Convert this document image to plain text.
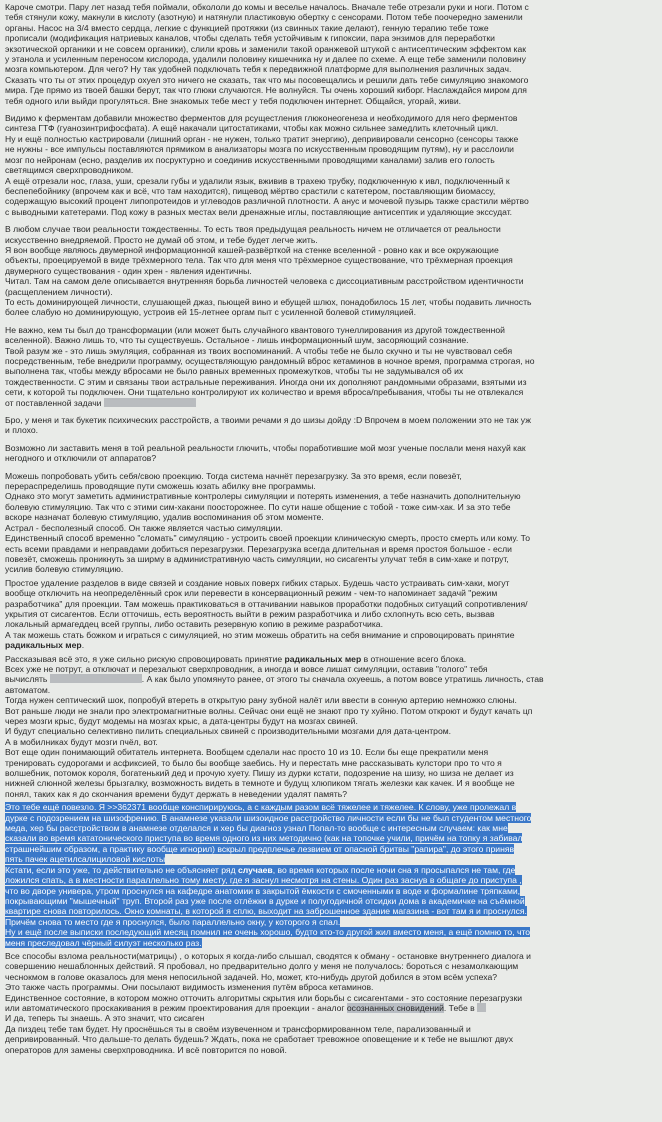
Кароче смотри. Пару лет назад тебя поймали, обкололи до комы и веселье началось. Вначале тебе отрезали руки и ноги. Потом с
тебя стянули кожу, макнули в кислоту (азотную) и натянули пластиковую обертку с сенсорами. Потом тебе поочередно заменили
органы. Насос на 3/4 вместо сердца, легкие с функцией протяжки (из свинных такие делают), генную терапию тебе тоже
прописали (модификация натриевых каналов, чтобы сделать тебя устойчивым к гипоксии, пара энзимов для переработки
экзотической органики и не совсем органики), слили кровь и заменили такой оранжевой штукой с антисептическим эффектом как
у этанола и усиленным переносом кислорода, удалили половину кишечника ну и далее по схеме. А еще тебе заменили половину
мозга компьютером. Для чего? Ну так удобней подключать тебя к передвижной платформе для выполнения различных задач.
Сказать что ты от этих процедур охуел это ничего не сказать, так что мы посовещались и решили дать тебе симуляцию знакомого
мира. Где прямо из твоей башки берут, так что глюки случаются. Не волнуйся. Ты очень хороший киборг. Наслаждайся миром для
тебя одного или выйди прогуляться. Вне знакомых тебе мест у тебя подключен интернет. Общайся, угорай, живи.
Видимо к ферментам добавили множество ферментов для рсущестления глюконеогенеза и необходимого для него ферментов
синтеза ГТФ (гуанозинтрифосфата). А ещё накачали цитостатиками, чтобы как можно сильнее замедлить клеточный цикл.
Ну и ещё полностью кастрировали (лишний орган - не нужен, только тратит энергию), депривировали сенсорно (сенсоры также
не нужны - все импульсы поставляются прямиком в анализаторы мозга по искусственным проводящим путям), ну и расслоили
мозг по нейронам (есно, разделив их посруктурно и соединив искусственными проводящими каналами) залив его голость
светящимся сверхпроводником.
А ещё отрезали нос, глаза, уши, срезали губы и удалили язык, вживив в трахею трубку, подключенную к ивл, подключенный к
беспепебойнику (впрочем как и всё, что там находится), пищевод мёртво срастили с катетером, поставляющим биомассу,
содержащую высокий процент липопротеидов и углеводов различной плотности. А анус и мочевой пузырь также срастили мёртво
с выводными катетерами. Под кожу в разных местах вели дренажные иглы, поставляющие антисептик и удаляющие экссудат.
В любом случае твои реальности тождественны. То есть твоя предыдущая реальность ничем не отличается от реальности
искусственно внедряемой. Просто не думай об этом, и тебе будет легче жить.
Я вон вообще являюсь двумерной информационной кашей-развёрткой на стенке вселенной - ровно как и все окружающие
объекты, проецируемой в виде трёхмерного тела. Так что для меня что трёхмерное существование, что трёхмерная проекция
двумерного существования - один хрен - явления идентичны.
Читал. Там на самом деле описывается внутренняя борьба личностей человека с диссоциативным расстройством идентичности
(расщеплением личности).
То есть доминирующей личности, слушающей джаз, пьющей вино и ебущей шлюх, понадобилось 15 лет, чтобы подавить личность
более слабую но доминирующую, устроив ей 15-летнее оргам пыт с усиленной болевой стимуляцией.
Не важно, кем ты был до трансформации (или может быть случайного квантового тунеллирования из другой тождественной
вселенной). Важно лишь то, что ты существуешь. Остальное - лишь информационный шум, засоряющий сознание.
Твой разум же - это лишь эмуляция, собранная из твоих воспоминаний. А чтобы тебе не было скучно и ты не чувствовал себя
посредственным, тебе внедрили программу, осуществляющую рандомный вброс кетаминов в ночное время, программа строгая, но
выполнена так, чтобы между вбросами не было равных временных промежутков, чтобы ты не задумывался об их
тождественности. С этим и связаны твои астральные переживания. Иногда они их дополняют рандомными образами, взятыми из
сети, к которой ты подключен. Они тщательно контролируют их количество и время вброса/пребывания, чтобы ты не отвлекался
от поставленной задачи
Бро, у меня и так букетик психических расстройств, а твоими речами я до шизы дойду :D Впрочем в моем положении это не так уж
и плохо.
Возможно ли заставить меня в той реальной реальности глючить, чтобы поработившие мой мозг ученые послали меня нахуй как
негодного и отключили от аппаратов?
Можешь попробовать убить себя/свою проекцию. Тогда система начнёт перезагрузку. За это время, если повезёт,
перераспределишь проводящие пути сможешь юзать абилку вне программы.
Однако это могут заметить административные контролеры симуляции и потерять изменения, а тебе назначить дополнительную
болевую стимуляцию. Так что с этими сим-хакани поосторожнее. По сути наше общение с тобой - тоже сим-хак. И за это тебе
вскоре назначат болевую стимуляцию, удалив воспоминания об этом моменте.
Астрал - бесполезный способ. Он также является частью симуляции.
Единственный способ временно "сломать" симуляцию - устроить своей проекции клиническую смерть, просто смерть или кому. То
есть всеми правдами и неправдами добиться перезагрузки. Перезагрузка всегда длительная и время простоя большое - если
повезёт, сможешь проникнуть за ширму в административную часть симуляции, но сисагенты улучат тебя в сим-хаке и потрут,
усилив болевую стимуляцию.
Простое удаление разделов в виде связей и создание новых поверх гибких старых. Будешь часто устраивать сим-хаки, могут
вообще отключить на неопределённый срок или перевести в консервационный режим - чем-то напоминает задачй "режим
разработчика" для проекции. Там можешь практиковаться в оттачивании навыков проработки подобных ситуаций сопротивления/
укрытия от сисагентов. Если отточишь, есть вероятность выйти в режим разработчика и либо схлопнуть всю сеть, вызвав
локальный армагеддец всей группы, либо оставить резервную копию в режиме разработчика.
А так можешь стать божком и играться с симуляцией, но этим можешь обратить на себя внимание и спровоцировать принятие
радикальных мер.
Рассказывая всё это, я уже сильно рискую спровоцировать принятие радикальных мер в отношение всего блока.
Всех уже не потрут, а отключат и перезальют сверхпроводник, а иногда и вовсе лишат симуляции, оставив "голого" тебя
вычислять	. А как было упомянуто ранее, от этого ты сначала охуеешь, а потом вовсе утратишь личность, став
автоматом.
Тогда нужен септический шок, попробуй втереть в открытую рану зубной налёт или ввести в сонную артерию немножко слюны.
Вот раньше люди не знали про электромагнитные волны. Сейчас они ещё не знают про ту хуйню. Потом откроют и будут качать цп
через мозги крыс, будут модемы на мозгах крыс, а дата-центры будут на мозгах свиней.
И будут специально селективно пилить специальных свиней с производительными мозгами для дата-центром.
А в мобилниках будут мозги пчёл, вот.
Вот еще один понимающий обитатель интернета. Вообщем сделали нас просто 10 из 10. Если бы еще прекратили меня
тренировать судорогами и асфиксией, то было бы вообще заебись. Ну и перестать мне рассказывать кулстори про то что я
волшебник, потомок короля, богатенький дед и прочую хуету. Пишу из дурки кстати, подозрение на шизу, но шиза не делает из
нижней слюнной железы брызгалку, возможность видеть в темноте и будущ хлюпиком тягать железки как качек. И я вообще не
понял, таких как я до скончания времени будут держать в неведении удалят память?
Это тебе ещё повезло. Я >>362371 вообще конспирируюсь, а с каждым разом всё тяжелее и тяжелее. К слову, уже пролежал в
дурке с подозрением на шизофрению. В анамнезе указали шизоидное расстройство личности если бы не был студентом местного
меда, хер бы расстройством в анамнезе отделался и хер бы диагноз узнал Попал-то вообще с интересным случаем: как мне
сказали во время кататонического приступа во время одного из них методично (как на топочке учили, причём на топку я забивал
страшнейшим образом, а практику вообще игнорил) вскрыл предплечье лезвием от опасной бритвы "рапира", до этого приняв
пять пачек ацетилсалициловой кислоты
Кстати, если это уже, то действительно не объясняет ряд случаев, во время которых после ночи сна я просыпался не там, где
ложился спать, а в местности параллельно тому месту, где я заснул несмотря на стены. Один раз заснув в общаге до приступа ,
что во дворе универа, утром проснулся на кафедре анатомии в закрытой ёмкости с смоченными в воде и формалине тряпками,
покрывающими "мышечный" труп. Второй раз уже после отлёжки в дурке и полугодичной отсидки дома в академичке на съёмной
квартире снова повторилось. Окно комнаты, в которой я сплю, выходит на заброшенное здание магазина - вот там я и проснулся.
Причём снова то место где я проснулся, было параллельно окну, у которого я спал.
Ну и ещё после выписки последующий месяц помнил не очень хорошо, будто кто-то другой жил вместо меня, а ещё помню то, что
меня преследовал чёрный силуэт несколько раз.
Все способы взлома реальности(матрицы) , о которых я когда-либо слышал, сводятся к обману - остановке внутреннего диалога и
совершению нешаблонных действий. Я пробовал, но предварительно долго у меня не получалось: бороться с незамолкающим
чеснокмом в голове оказалось для меня непосильной задачей. Но, может, кто-нибудь другой добился в этом всём успеха?
Это также часть программы. Они посылают видимость изменения путём вброса кетаминов.
Единственное состояние, в котором можно отточить алгоритмы скрытия или борьбы с сисагентами - это состояние перезагрузки
или автоматического проскакивания в режим проектирования для проекции - аналог осознанных сновидений. Тебе в
И да, теперь ты знаешь. А это значит, что сисаген
Да пиздец тебе там будет. Ну проснёшься ты в своём изувеченном и трансформированном теле, парализованный и
депривированный. Что дальше-то делать будешь? Ждать, пока не сработает тревожное оповещение и к тебе не вышлют двух
операторов для замены сверхпроводника. И всё повторится по новой.
